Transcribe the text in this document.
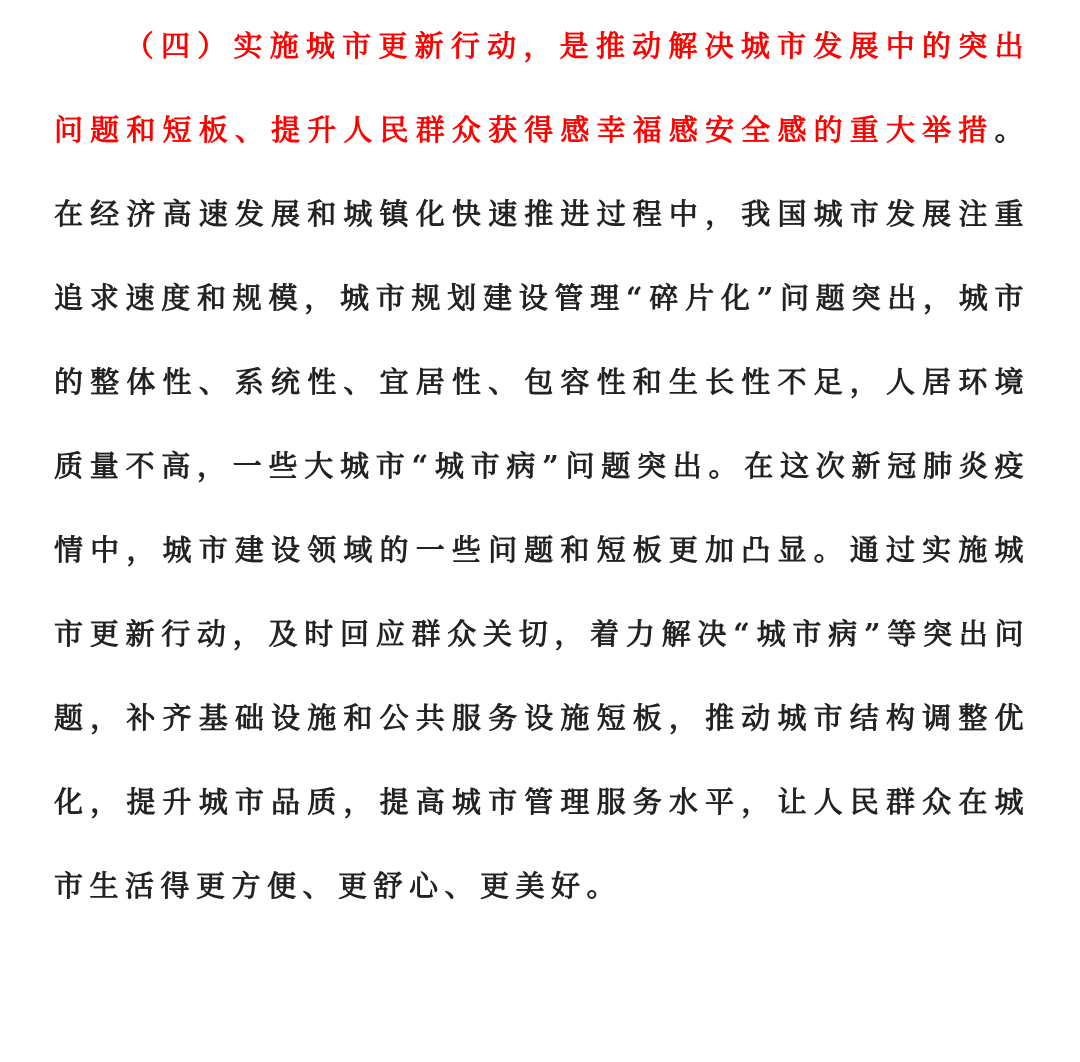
（四）实施城市更新行动，是推动解决城市发展中的突出问题和短板、提升人民群众获得感幸福感安全感的重大举措。在经济高速发展和城镇化快速推进过程中，我国城市发展注重追求速度和规模，城市规划建设管理“碎片化”问题突出，城市的整体性、系统性、宜居性、包容性和生长性不足，人居环境质量不高，一些大城市“城市病”问题突出。在这次新冠肺炎疫情中，城市建设领域的一些问题和短板更加凸显。通过实施城市更新行动，及时回应群众关切，着力解决“城市病”等突出问题，补齐基础设施和公共服务设施短板，推动城市结构调整优化，提升城市品质，提高城市管理服务水平，让人民群众在城市生活得更方便、更舒心、更美好。
